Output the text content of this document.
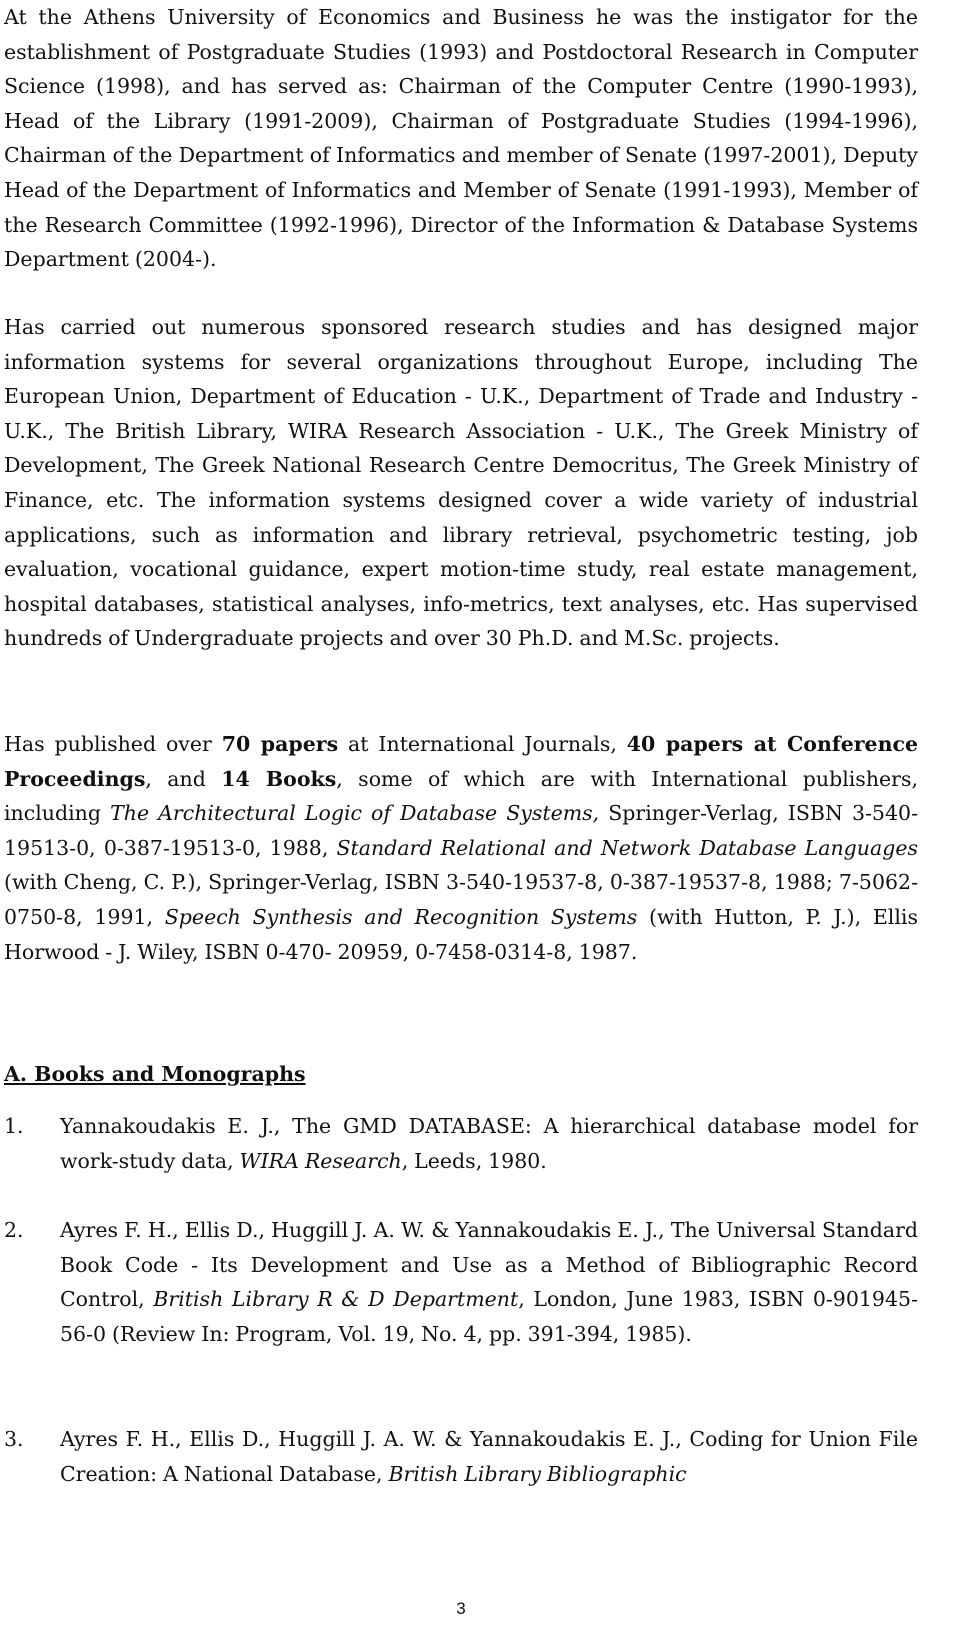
At the Athens University of Economics and Business he was the instigator for the establishment of Postgraduate Studies (1993) and Postdoctoral Research in Computer Science (1998), and has served as: Chairman of the Computer Centre (1990-1993), Head of the Library (1991-2009), Chairman of Postgraduate Studies (1994-1996), Chairman of the Department of Informatics and member of Senate (1997-2001), Deputy Head of the Department of Informatics and Member of Senate (1991-1993), Member of the Research Committee (1992-1996), Director of the Information & Database Systems Department (2004-).

Has carried out numerous sponsored research studies and has designed major information systems for several organizations throughout Europe, including The European Union, Department of Education - U.K., Department of Trade and Industry - U.K., The British Library, WIRA Research Association - U.K., The Greek Ministry of Development, The Greek National Research Centre Democritus, The Greek Ministry of Finance, etc. The information systems designed cover a wide variety of industrial applications, such as information and library retrieval, psychometric testing, job evaluation, vocational guidance, expert motion-time study, real estate management, hospital databases, statistical analyses, info-metrics, text analyses, etc. Has supervised hundreds of Undergraduate projects and over 30 Ph.D. and M.Sc. projects.

Has published over 70 papers at International Journals, 40 papers at Conference Proceedings, and 14 Books, some of which are with International publishers, including The Architectural Logic of Database Systems, Springer-Verlag, ISBN 3-540-19513-0, 0-387-19513-0, 1988, Standard Relational and Network Database Languages (with Cheng, C. P.), Springer-Verlag, ISBN 3-540-19537-8, 0-387-19537-8, 1988; 7-5062-0750-8, 1991, Speech Synthesis and Recognition Systems (with Hutton, P. J.), Ellis Horwood - J. Wiley, ISBN 0-470- 20959, 0-7458-0314-8, 1987.

A. Books and Monographs
1.	Yannakoudakis E. J., The GMD DATABASE: A hierarchical database model for work-study data, WIRA Research, Leeds, 1980.

2.	Ayres F. H., Ellis D., Huggill J. A. W. & Yannakoudakis E. J., The Universal Standard Book Code - Its Development and Use as a Method of Bibliographic Record Control, British Library R & D Department, London, June 1983, ISBN 0-901945-56-0 (Review In: Program, Vol. 19, No. 4, pp. 391-394, 1985).

3.	Ayres F. H., Ellis D., Huggill J. A. W. & Yannakoudakis E. J., Coding for Union File Creation: A National Database, British Library Bibliographic

3
